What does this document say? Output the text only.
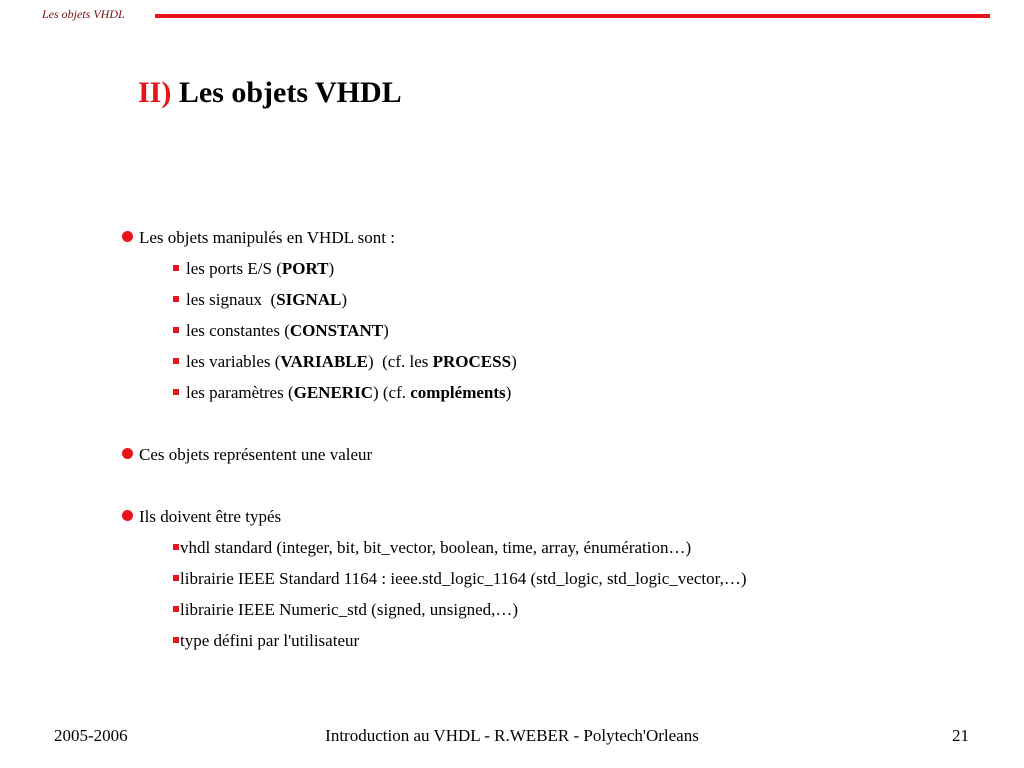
Les objets VHDL
II) Les objets VHDL
Les objets manipulés en VHDL sont :
les ports E/S (PORT)
les signaux  (SIGNAL)
les constantes (CONSTANT)
les variables (VARIABLE)  (cf. les PROCESS)
les paramètres (GENERIC) (cf. compléments)
Ces objets représentent une valeur
Ils doivent être typés
vhdl standard (integer, bit, bit_vector, boolean, time, array, énumération…)
librairie IEEE Standard 1164 : ieee.std_logic_1164 (std_logic, std_logic_vector,…)
librairie IEEE Numeric_std (signed, unsigned,…)
type défini par l'utilisateur
2005-2006	Introduction au VHDL - R.WEBER - Polytech'Orleans	21
